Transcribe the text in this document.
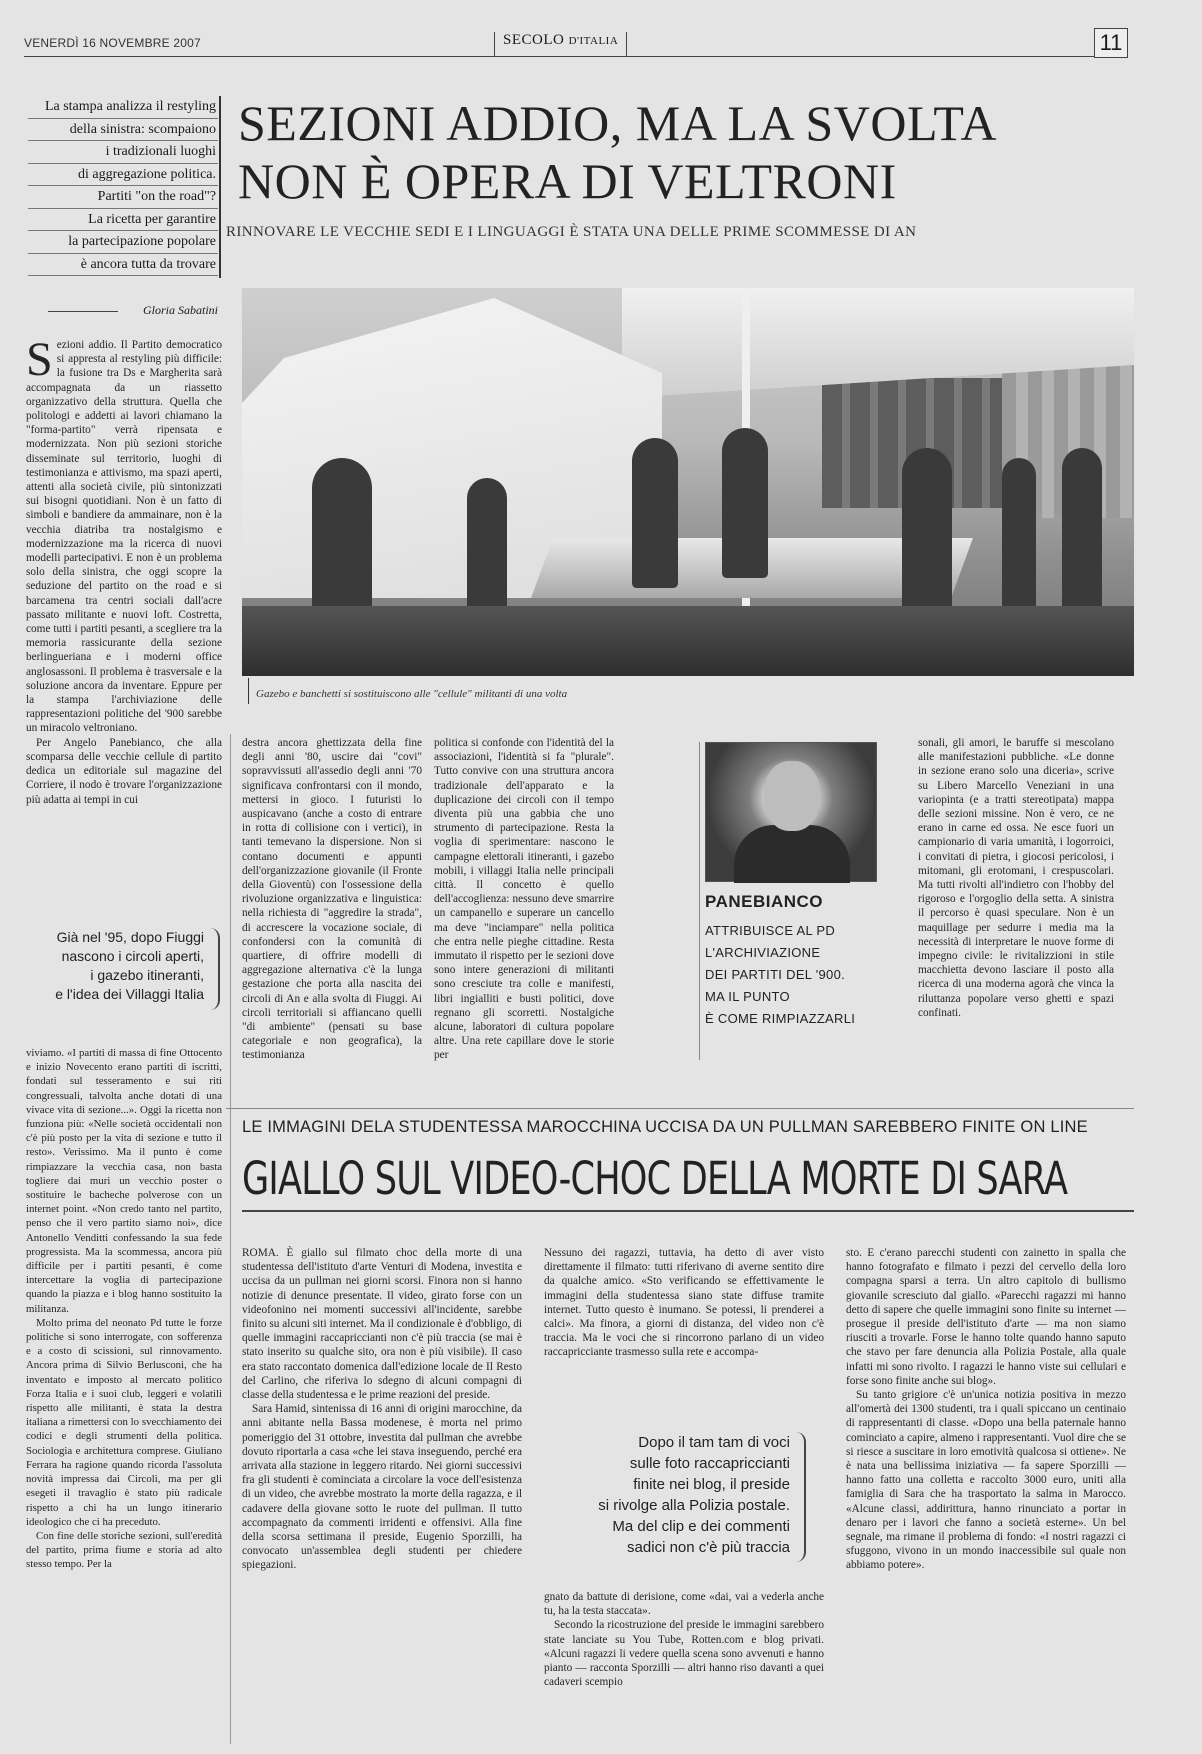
VENERDÌ 16 NOVEMBRE 2007	SECOLO D'ITALIA	11
La stampa analizza il restyling
della sinistra: scompaiono
i tradizionali luoghi
di aggregazione politica.
Partiti "on the road"?
La ricetta per garantire
la partecipazione popolare
è ancora tutta da trovare
SEZIONI ADDIO, MA LA SVOLTA
NON È OPERA DI VELTRONI
RINNOVARE LE VECCHIE SEDI E I LINGUAGGI È STATA UNA DELLE PRIME SCOMMESSE DI AN
Gloria Sabatini
Gazebo e banchetti si sostituiscono alle "cellule" militanti di una volta

Sezioni addio. Il Partito democratico si appresta al restyling più difficile: la fusione tra Ds e Margherita sarà accompagnata da un riassetto organizzativo della struttura. Quella che politologi e addetti ai lavori chiamano la "forma-partito" verrà ripensata e modernizzata. Non più sezioni storiche disseminate sul territorio, luoghi di testimonianza e attivismo, ma spazi aperti, attenti alla società civile, più sintonizzati sui bisogni quotidiani. Non è un fatto di simboli e bandiere da ammainare, non è la vecchia diatriba tra nostalgismo e modernizzazione ma la ricerca di nuovi modelli partecipativi. E non è un problema solo della sinistra, che oggi scopre la seduzione del partito on the road e si barcamena tra centri sociali dall'acre passato militante e nuovi loft. Costretta, come tutti i partiti pesanti, a scegliere tra la memoria rassicurante della sezione berlingueriana e i moderni office anglosassoni. Il problema è trasversale e la soluzione ancora da inventare. Eppure per la stampa l'archiviazione delle rappresentazioni politiche del '900 sarebbe un miracolo veltroniano.

Per Angelo Panebianco, che alla scomparsa delle vecchie cellule di partito dedica un editoriale sul magazine del Corriere, il nodo è trovare l'organizzazione più adatta ai tempi in cui

Già nel '95, dopo Fiuggi
nascono i circoli aperti,
i gazebo itineranti,
e l'idea dei Villaggi Italia

viviamo. «I partiti di massa di fine Ottocento e inizio Novecento erano partiti di iscritti, fondati sul tesseramento e sui riti congressuali, talvolta anche dotati di una vivace vita di sezione...». Oggi la ricetta non funziona più: «Nelle società occidentali non c'è più posto per la vita di sezione e tutto il resto». Verissimo. Ma il punto è come rimpiazzare la vecchia casa, non basta togliere dai muri un vecchio poster o sostituire le bacheche polverose con un internet point. «Non credo tanto nel partito, penso che il vero partito siamo noi», dice Antonello Venditti confessando la sua fede progressista. Ma la scommessa, ancora più difficile per i partiti pesanti, è come intercettare la voglia di partecipazione quando la piazza e i blog hanno sostituito la militanza.

Molto prima del neonato Pd tutte le forze politiche si sono interrogate, con sofferenza e a costo di scissioni, sul rinnovamento. Ancora prima di Silvio Berlusconi, che ha inventato e imposto al mercato politico Forza Italia e i suoi club, leggeri e volatili rispetto alle militanti, è stata la destra italiana a rimettersi con lo svecchiamento dei codici e degli strumenti della politica. Sociologia e architettura comprese. Giuliano Ferrara ha ragione quando ricorda l'assoluta novità impressa dai Circoli, ma per gli esegeti il travaglio è stato più radicale rispetto a chi ha un lungo itinerario ideologico che ci ha preceduto.

Con fine delle storiche sezioni, sull'eredità del partito, prima fiume e storia ad alto stesso tempo. Per la

destra ancora ghettizzata della fine degli anni '80, uscire dai "covi" sopravvissuti all'assedio degli anni '70 significava confrontarsi con il mondo, mettersi in gioco. I futuristi lo auspicavano (anche a costo di entrare in rotta di collisione con i vertici), in tanti temevano la dispersione. Non si contano documenti e appunti dell'organizzazione giovanile (il Fronte della Gioventù) con l'ossessione della rivoluzione organizzativa e linguistica: nella richiesta di "aggredire la strada", di accrescere la vocazione sociale, di confondersi con la comunità di quartiere, di offrire modelli di aggregazione alternativa c'è la lunga gestazione che porta alla nascita dei circoli di An e alla svolta di Fiuggi. Ai circoli territoriali si affiancano quelli "di ambiente" (pensati su base categoriale e non geografica), la testimonianza

politica si confonde con l'identità del la associazioni, l'identità si fa "plurale". Tutto convive con una struttura ancora tradizionale dell'apparato e la duplicazione dei circoli con il tempo diventa più una gabbia che uno strumento di partecipazione. Resta la voglia di sperimentare: nascono le campagne elettorali itineranti, i gazebo mobili, i villaggi Italia nelle principali città. Il concetto è quello dell'accoglienza: nessuno deve smarrire un campanello e superare un cancello ma deve "inciampare" nella politica che entra nelle pieghe cittadine. Resta immutato il rispetto per le sezioni dove sono intere generazioni di militanti sono cresciute tra colle e manifesti, libri ingialliti e busti politici, dove regnano gli scorretti. Nostalgiche alcune, laboratori di cultura popolare altre. Una rete capillare dove le storie per

PANEBIANCO
ATTRIBUISCE AL PD
L'ARCHIVIAZIONE
DEI PARTITI DEL '900.
MA IL PUNTO
È COME RIMPIAZZARLI

sonali, gli amori, le baruffe si mescolano alle manifestazioni pubbliche. «Le donne in sezione erano solo una diceria», scrive su Libero Marcello Veneziani in una variopinta (e a tratti stereotipata) mappa delle sezioni missine. Non è vero, ce ne erano in carne ed ossa. Ne esce fuori un campionario di varia umanità, i logorroici, i convitati di pietra, i giocosi pericolosi, i mitomani, gli erotomani, i crespuscolari. Ma tutti rivolti all'indietro con l'hobby del rigoroso e l'orgoglio della setta. A sinistra il percorso è quasi speculare. Non è un maquillage per sedurre i media ma la necessità di interpretare le nuove forme di impegno civile: le rivitalizzioni in stile macchietta devono lasciare il posto alla ricerca di una moderna agorà che vinca la riluttanza popolare verso ghetti e spazi confinati.

LE IMMAGINI DELA STUDENTESSA MAROCCHINA UCCISA DA UN PULLMAN SAREBBERO FINITE ON LINE
GIALLO SUL VIDEO-CHOC DELLA MORTE DI SARA

ROMA. È giallo sul filmato choc della morte di una studentessa dell'istituto d'arte Venturi di Modena, investita e uccisa da un pullman nei giorni scorsi. Finora non si hanno notizie di denunce presentate. Il video, girato forse con un videofonino nei momenti successivi all'incidente, sarebbe finito su alcuni siti internet. Ma il condizionale è d'obbligo, di quelle immagini raccapriccianti non c'è più traccia (se mai è stato inserito su qualche sito, ora non è più visibile). Il caso era stato raccontato domenica dall'edizione locale de Il Resto del Carlino, che riferiva lo sdegno di alcuni compagni di classe della studentessa e le prime reazioni del preside.

Sara Hamid, sintenissa di 16 anni di origini marocchine, da anni abitante nella Bassa modenese, è morta nel primo pomeriggio del 31 ottobre, investita dal pullman che avrebbe dovuto riportarla a casa «che lei stava inseguendo, perché era arrivata alla stazione in leggero ritardo. Nei giorni successivi fra gli studenti è cominciata a circolare la voce dell'esistenza di un video, che avrebbe mostrato la morte della ragazza, e il cadavere della giovane sotto le ruote del pullman. Il tutto accompagnato da commenti irridenti e offensivi. Alla fine della scorsa settimana il preside, Eugenio Sporzilli, ha convocato un'assemblea degli studenti per chiedere spiegazioni.

Nessuno dei ragazzi, tuttavia, ha detto di aver visto direttamente il filmato: tutti riferivano di averne sentito dire da qualche amico. «Sto verificando se effettivamente le immagini della studentessa siano state diffuse tramite internet. Tutto questo è inumano. Se potessi, li prenderei a calci». Ma finora, a giorni di distanza, del video non c'è traccia. Ma le voci che si rincorrono parlano di un video raccapricciante trasmesso sulla rete e accompa-

Dopo il tam tam di voci
sulle foto raccapriccianti
finite nei blog, il preside
si rivolge alla Polizia postale.
Ma del clip e dei commenti
sadici non c'è più traccia

gnato da battute di derisione, come «dai, vai a vederla anche tu, ha la testa staccata».

Secondo la ricostruzione del preside le immagini sarebbero state lanciate su You Tube, Rotten.com e blog privati. «Alcuni ragazzi li vedere quella scena sono avvenuti e hanno pianto — racconta Sporzilli — altri hanno riso davanti a quei cadaveri scempio

sto. E c'erano parecchi studenti con zainetto in spalla che hanno fotografato e filmato i pezzi del cervello della loro compagna sparsi a terra. Un altro capitolo di bullismo giovanile scresciuto dal giallo. «Parecchi ragazzi mi hanno detto di sapere che quelle immagini sono finite su internet — prosegue il preside dell'istituto d'arte — ma non siamo riusciti a trovarle. Forse le hanno tolte quando hanno saputo che stavo per fare denuncia alla Polizia Postale, alla quale infatti mi sono rivolto. I ragazzi le hanno viste sui cellulari e forse sono finite anche sui blog».

Su tanto grigiore c'è un'unica notizia positiva in mezzo all'omertà dei 1300 studenti, tra i quali spiccano un centinaio di rappresentanti di classe. «Dopo una bella paternale hanno cominciato a capire, almeno i rappresentanti. Vuol dire che se si riesce a suscitare in loro emotività qualcosa si ottiene». Ne è nata una bellissima iniziativa — fa sapere Sporzilli — hanno fatto una colletta e raccolto 3000 euro, uniti alla famiglia di Sara che ha trasportato la salma in Marocco. «Alcune classi, addirittura, hanno rinunciato a portar in denaro per i lavori che fanno a società esterne». Un bel segnale, ma rimane il problema di fondo: «I nostri ragazzi ci sfuggono, vivono in un mondo inaccessibile sul quale non abbiamo potere».
